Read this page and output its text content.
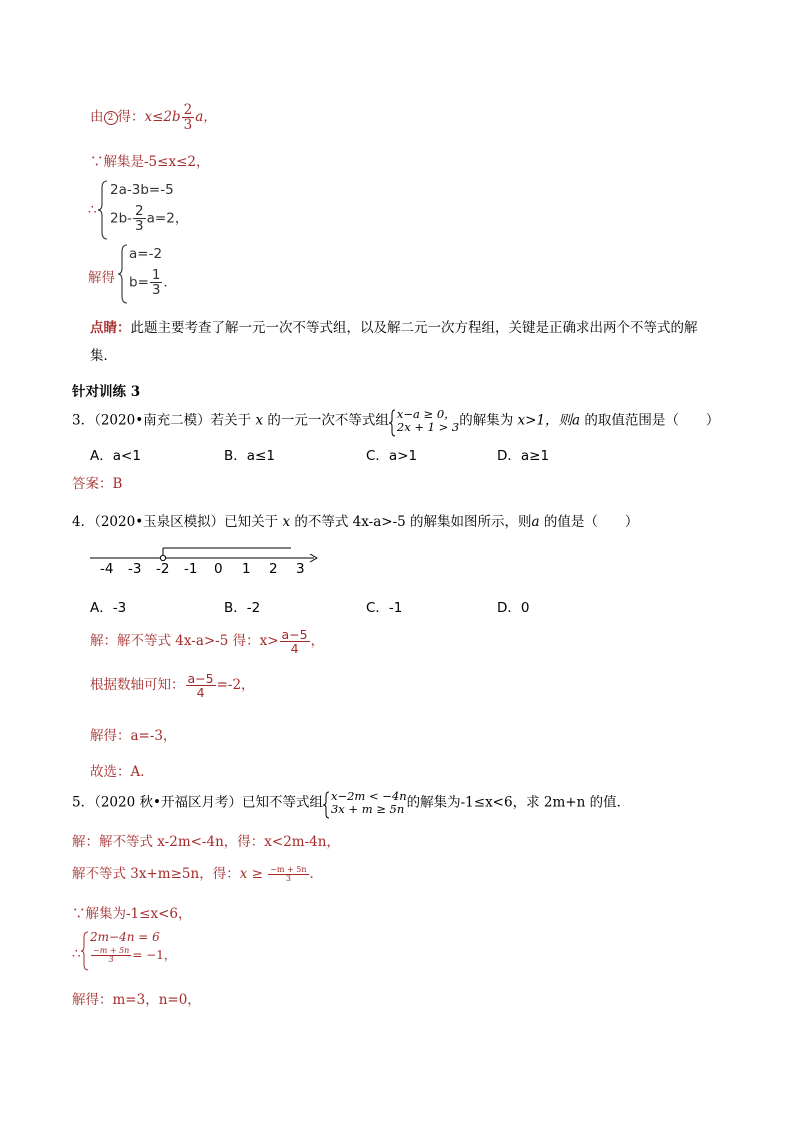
由 2 得：$x\le 2b \frac{2}{3}$ a，
∵解集是-5≤x≤2，
∴
2a-3b=-5
$2b- \frac{2}{3} a=2$，
解得
a=-2
$b= \frac{1}{3}$ ．
点睛：此题主要考查了解一元一次不等式组，以及解二元一次方程组，关键是正确求出两个不等式的解
集．
针对训练 3
3．（2020•南充二模）若关于 x 的一元一次不等式组 x−a ≥ 0，
2x + 1 > 3 的解集为 x>1，则a 的取值范围是（　　）
A．a<1	B．a≤1	C．a>1	D．a≥1
答案：B
4．（2020•玉泉区模拟）已知关于 x 的不等式 4x-a>-5 的解集如图所示，则a 的值是（　　）
-4 -3 -2 -1 0 1 2 3
A．-3	B．-2	C．-1	D．0
解：解不等式 4x-a>-5 得：$x> \frac{a-5}{4}$ ，
根据数轴可知： $\frac{a-5}{4} =-2$，
解得：a=-3，
故选：A．
5．（2020 秋•开福区月考）已知不等式组 x−2m < −4n
3x + m ≥ 5n 的解集为-1≤x<6，求 2m+n 的值．
解：解不等式 x-2m<-4n，得：x<2m-4n，
解不等式 3x+m≥5n，得：$x \ge \frac{-m + 5n}{3}$ ．
∵解集为-1≤x<6，
∴
2m−4n = 6
$\frac{-m + 5n}{3} = -1$，
解得：m=3，n=0，
